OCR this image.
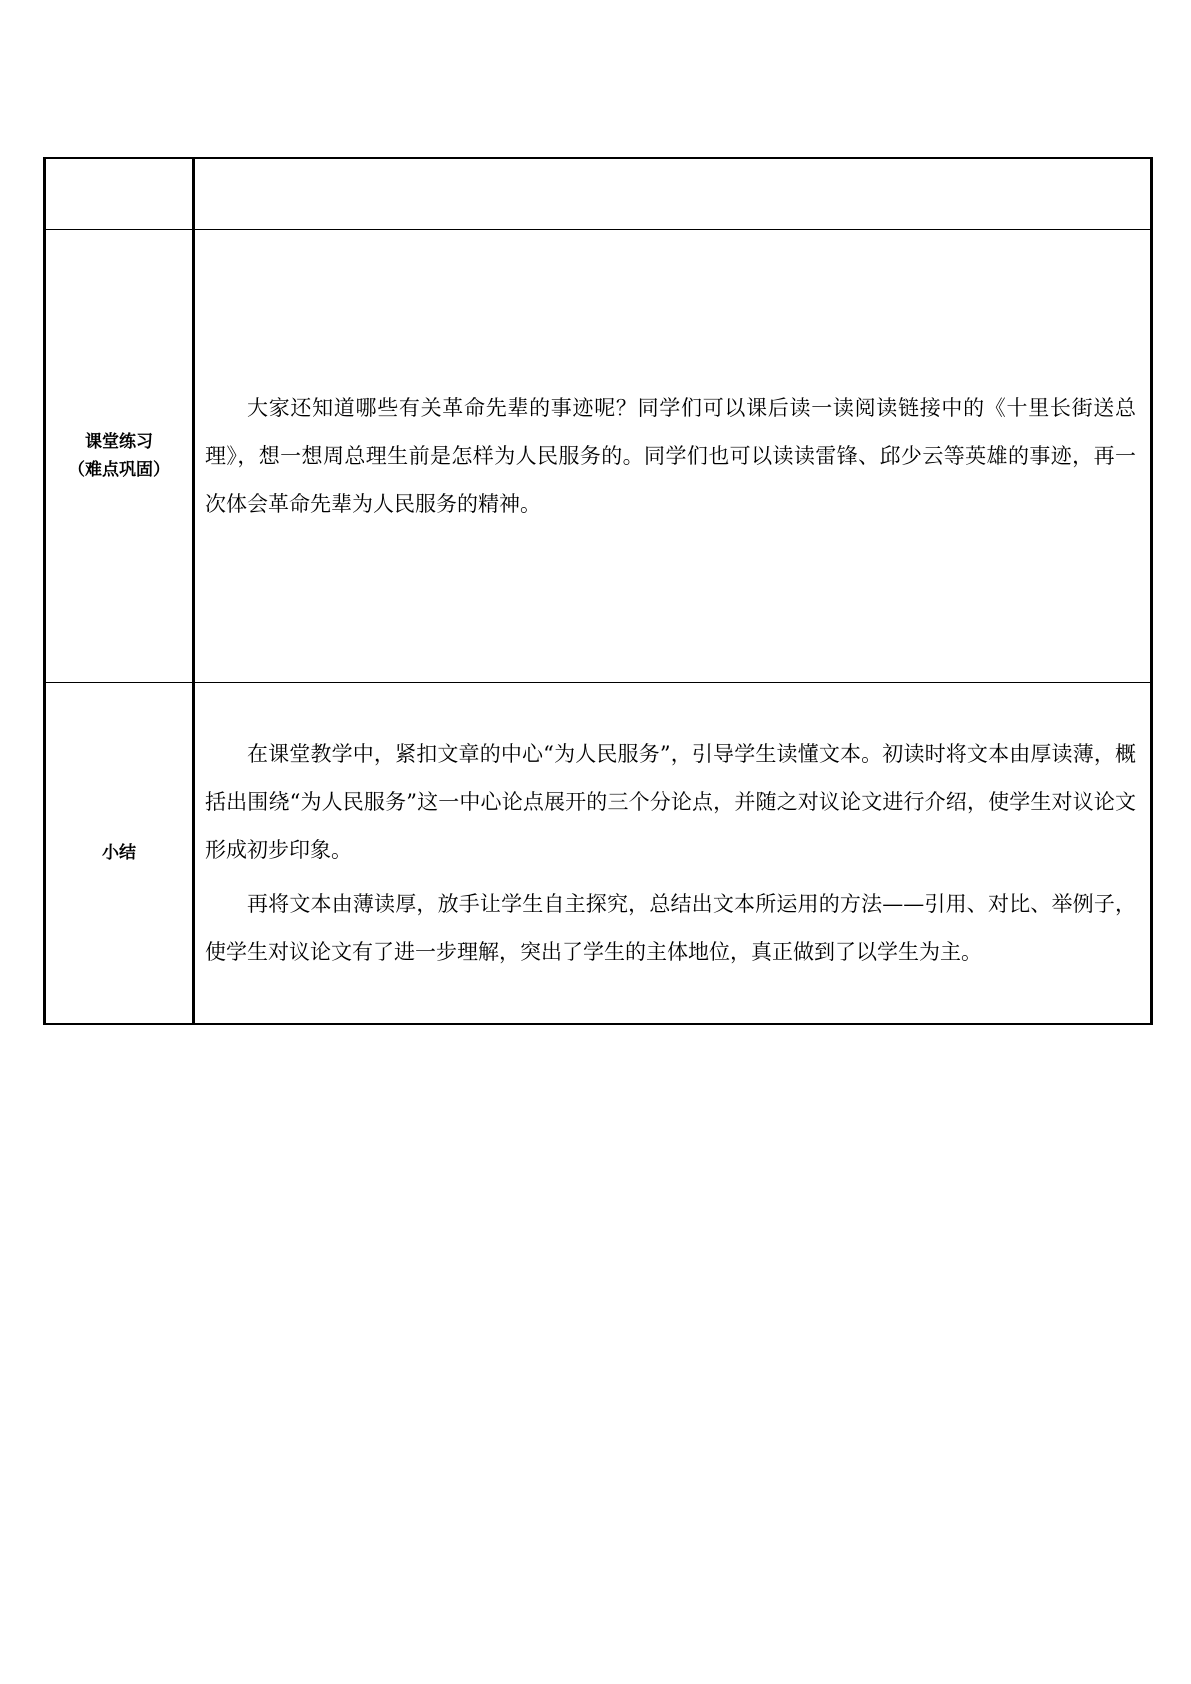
课堂练习
（难点巩固）	大家还知道哪些有关革命先辈的事迹呢？同学们可以课后读一读阅读链接中的《十里长街送总理》，想一想周总理生前是怎样为人民服务的。同学们也可以读读雷锋、邱少云等英雄的事迹，再一次体会革命先辈为人民服务的精神。

小结	在课堂教学中，紧扣文章的中心“为人民服务”，引导学生读懂文本。初读时将文本由厚读薄，概括出围绕“为人民服务”这一中心论点展开的三个分论点，并随之对议论文进行介绍，使学生对议论文形成初步印象。

再将文本由薄读厚，放手让学生自主探究，总结出文本所运用的方法——引用、对比、举例子，使学生对议论文有了进一步理解，突出了学生的主体地位，真正做到了以学生为主。
